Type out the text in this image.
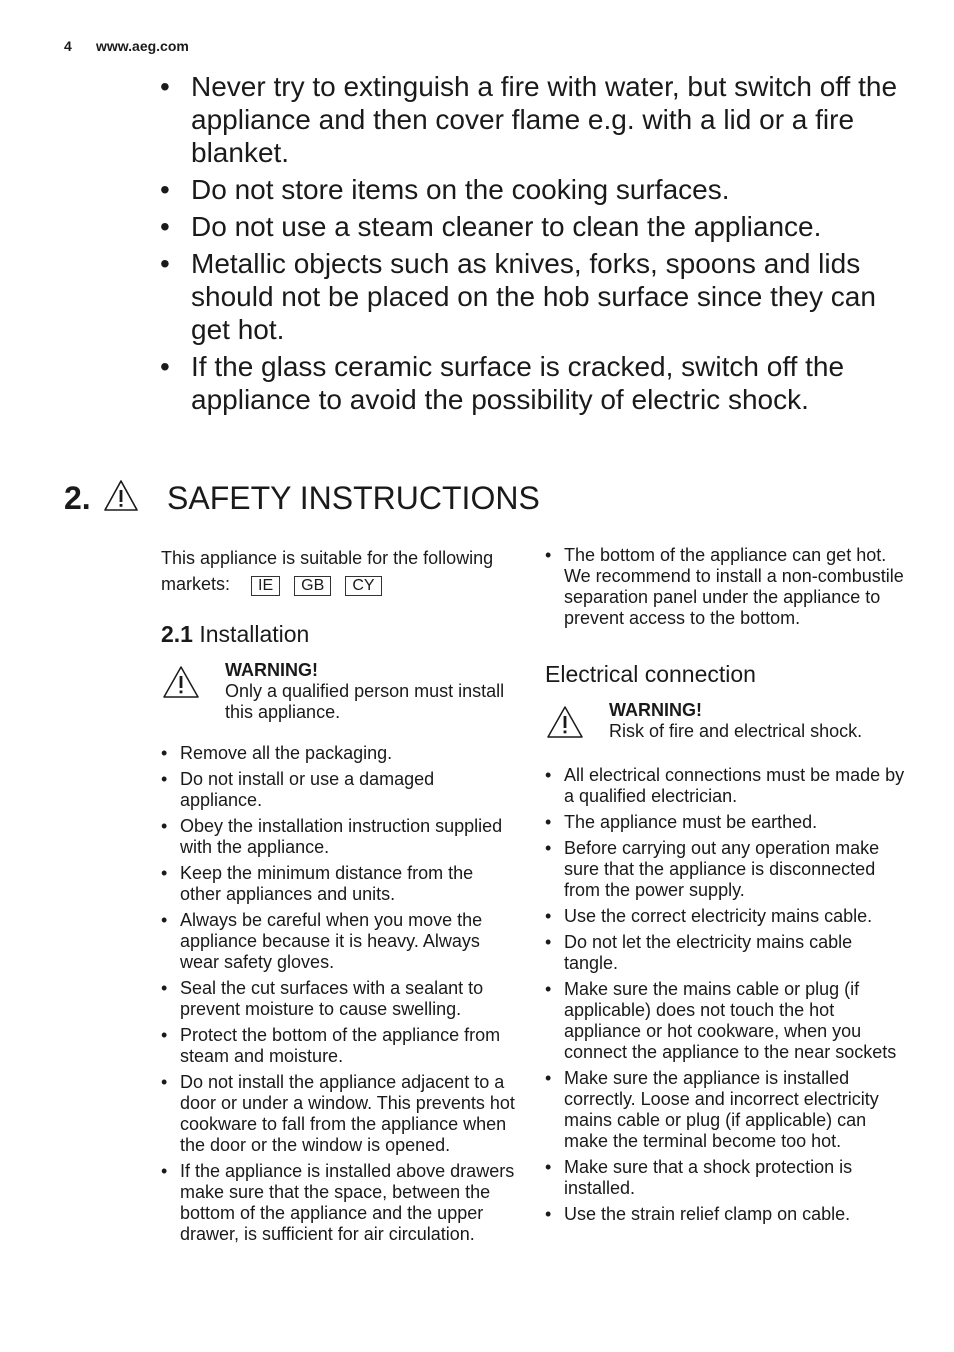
4 www.aeg.com
• Never try to extinguish a fire with water, but switch off the appliance and then cover flame e.g. with a lid or a fire blanket.
• Do not store items on the cooking surfaces.
• Do not use a steam cleaner to clean the appliance.
• Metallic objects such as knives, forks, spoons and lids should not be placed on the hob surface since they can get hot.
• If the glass ceramic surface is cracked, switch off the appliance to avoid the possibility of electric shock.
2.	SAFETY INSTRUCTIONS
This appliance is suitable for the following markets: IE GB CY
2.1 Installation
WARNING!
Only a qualified person must install this appliance.
• Remove all the packaging.
• Do not install or use a damaged appliance.
• Obey the installation instruction supplied with the appliance.
• Keep the minimum distance from the other appliances and units.
• Always be careful when you move the appliance because it is heavy. Always wear safety gloves.
• Seal the cut surfaces with a sealant to prevent moisture to cause swelling.
• Protect the bottom of the appliance from steam and moisture.
• Do not install the appliance adjacent to a door or under a window. This prevents hot cookware to fall from the appliance when the door or the window is opened.
• If the appliance is installed above drawers make sure that the space, between the bottom of the appliance and the upper drawer, is sufficient for air circulation.
• The bottom of the appliance can get hot. We recommend to install a non-combustile separation panel under the appliance to prevent access to the bottom.
Electrical connection
WARNING!
Risk of fire and electrical shock.
• All electrical connections must be made by a qualified electrician.
• The appliance must be earthed.
• Before carrying out any operation make sure that the appliance is disconnected from the power supply.
• Use the correct electricity mains cable.
• Do not let the electricity mains cable tangle.
• Make sure the mains cable or plug (if applicable) does not touch the hot appliance or hot cookware, when you connect the appliance to the near sockets
• Make sure the appliance is installed correctly. Loose and incorrect electricity mains cable or plug (if applicable) can make the terminal become too hot.
• Make sure that a shock protection is installed.
• Use the strain relief clamp on cable.
